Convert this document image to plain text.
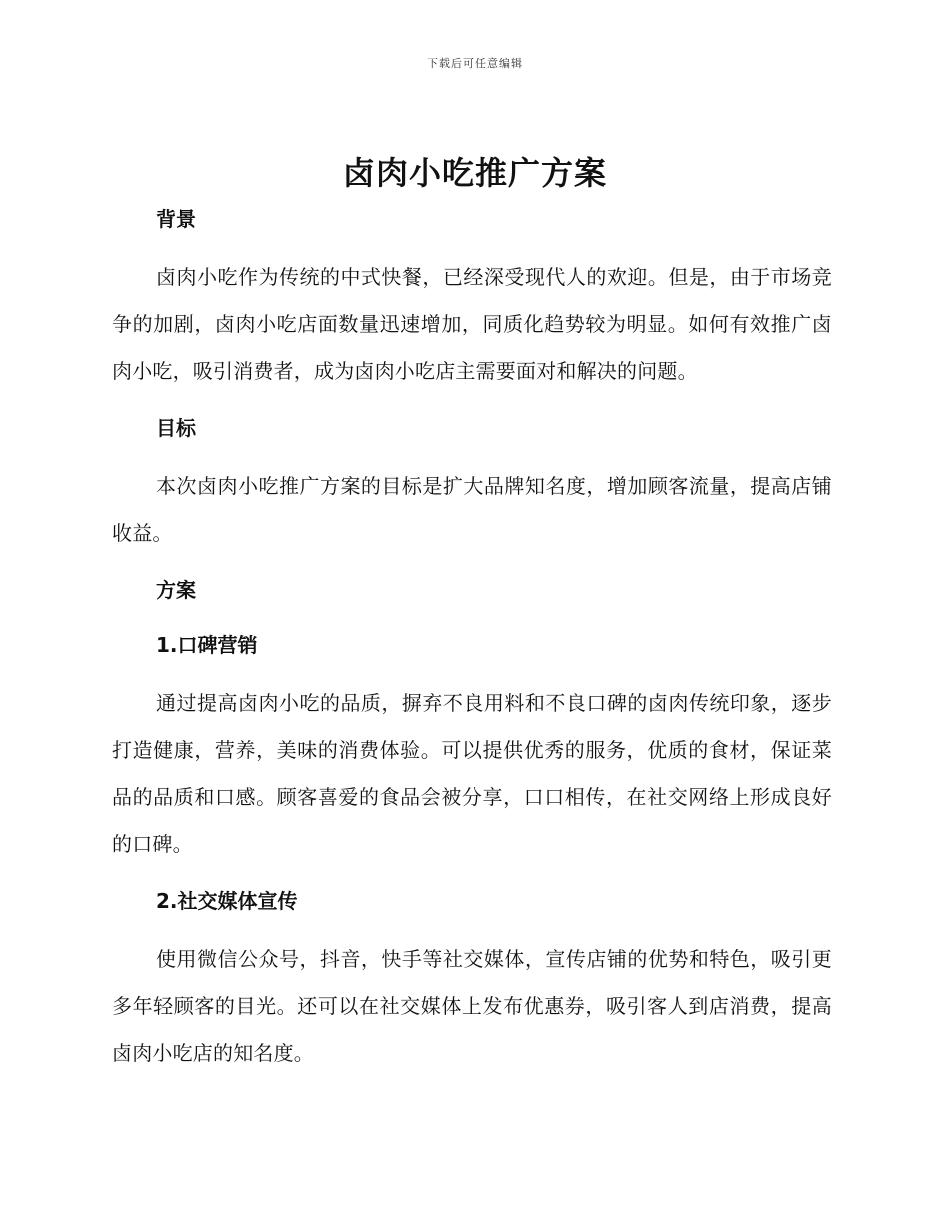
下载后可任意编辑
卤肉小吃推广方案
背景

卤肉小吃作为传统的中式快餐，已经深受现代人的欢迎。但是，由于市场竞争的加剧，卤肉小吃店面数量迅速增加，同质化趋势较为明显。如何有效推广卤肉小吃，吸引消费者，成为卤肉小吃店主需要面对和解决的问题。

目标

本次卤肉小吃推广方案的目标是扩大品牌知名度，增加顾客流量，提高店铺收益。

方案
1.口碑营销

通过提高卤肉小吃的品质，摒弃不良用料和不良口碑的卤肉传统印象，逐步打造健康，营养，美味的消费体验。可以提供优秀的服务，优质的食材，保证菜品的品质和口感。顾客喜爱的食品会被分享，口口相传，在社交网络上形成良好的口碑。

2.社交媒体宣传

使用微信公众号，抖音，快手等社交媒体，宣传店铺的优势和特色，吸引更多年轻顾客的目光。还可以在社交媒体上发布优惠券，吸引客人到店消费，提高卤肉小吃店的知名度。
